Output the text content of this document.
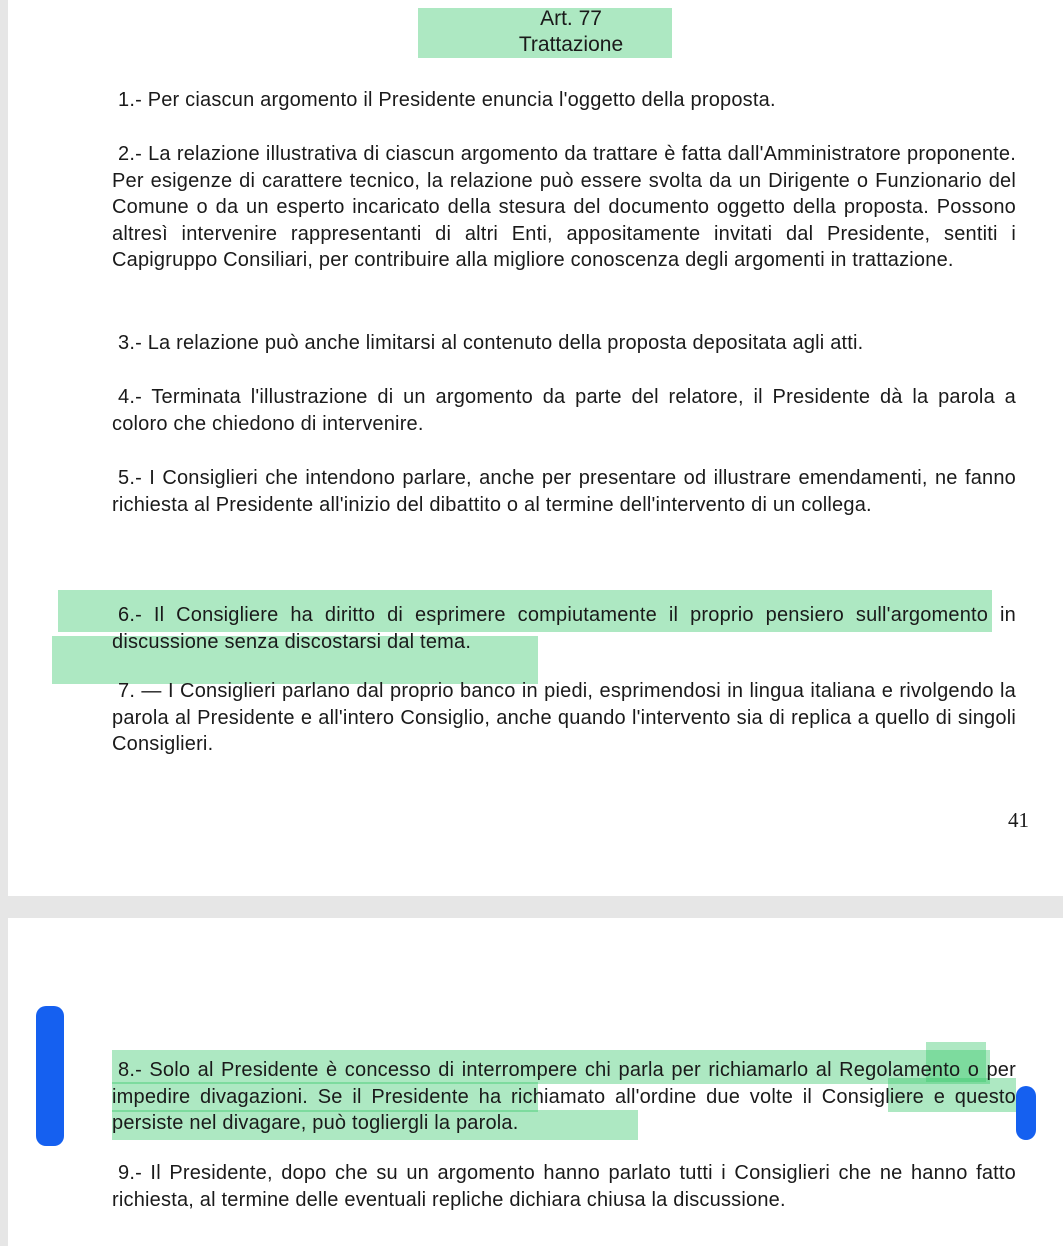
Art. 77
Trattazione
1.- Per ciascun argomento il Presidente enuncia l'oggetto della proposta.
2.- La relazione illustrativa di ciascun argomento da trattare è fatta dall'Amministratore proponente. Per esigenze di carattere tecnico, la relazione può essere svolta da un Dirigente o Funzionario del Comune o da un esperto incaricato della stesura del documento oggetto della proposta. Possono altresì intervenire rappresentanti di altri Enti, appositamente invitati dal Presidente, sentiti i Capigruppo Consiliari, per contribuire alla migliore conoscenza degli argomenti in trattazione.
3.- La relazione può anche limitarsi al contenuto della proposta depositata agli atti.
4.- Terminata l'illustrazione di un argomento da parte del relatore, il Presidente dà la parola a coloro che chiedono di intervenire.
5.- I Consiglieri che intendono parlare, anche per presentare od illustrare emendamenti, ne fanno richiesta al Presidente all'inizio del dibattito o al termine dell'intervento di un collega.
6.- Il Consigliere ha diritto di esprimere compiutamente il proprio pensiero sull'argomento in discussione senza discostarsi dal tema.
7. — I Consiglieri parlano dal proprio banco in piedi, esprimendosi in lingua italiana e rivolgendo la parola al Presidente e all'intero Consiglio, anche quando l'intervento sia di replica a quello di singoli Consiglieri.
41
8.- Solo al Presidente è concesso di interrompere chi parla per richiamarlo al Regolamento o per impedire divagazioni. Se il Presidente ha richiamato all'ordine due volte il Consigliere e questo persiste nel divagare, può togliergli la parola.
9.- Il Presidente, dopo che su un argomento hanno parlato tutti i Consiglieri che ne hanno fatto richiesta, al termine delle eventuali repliche dichiara chiusa la discussione.
